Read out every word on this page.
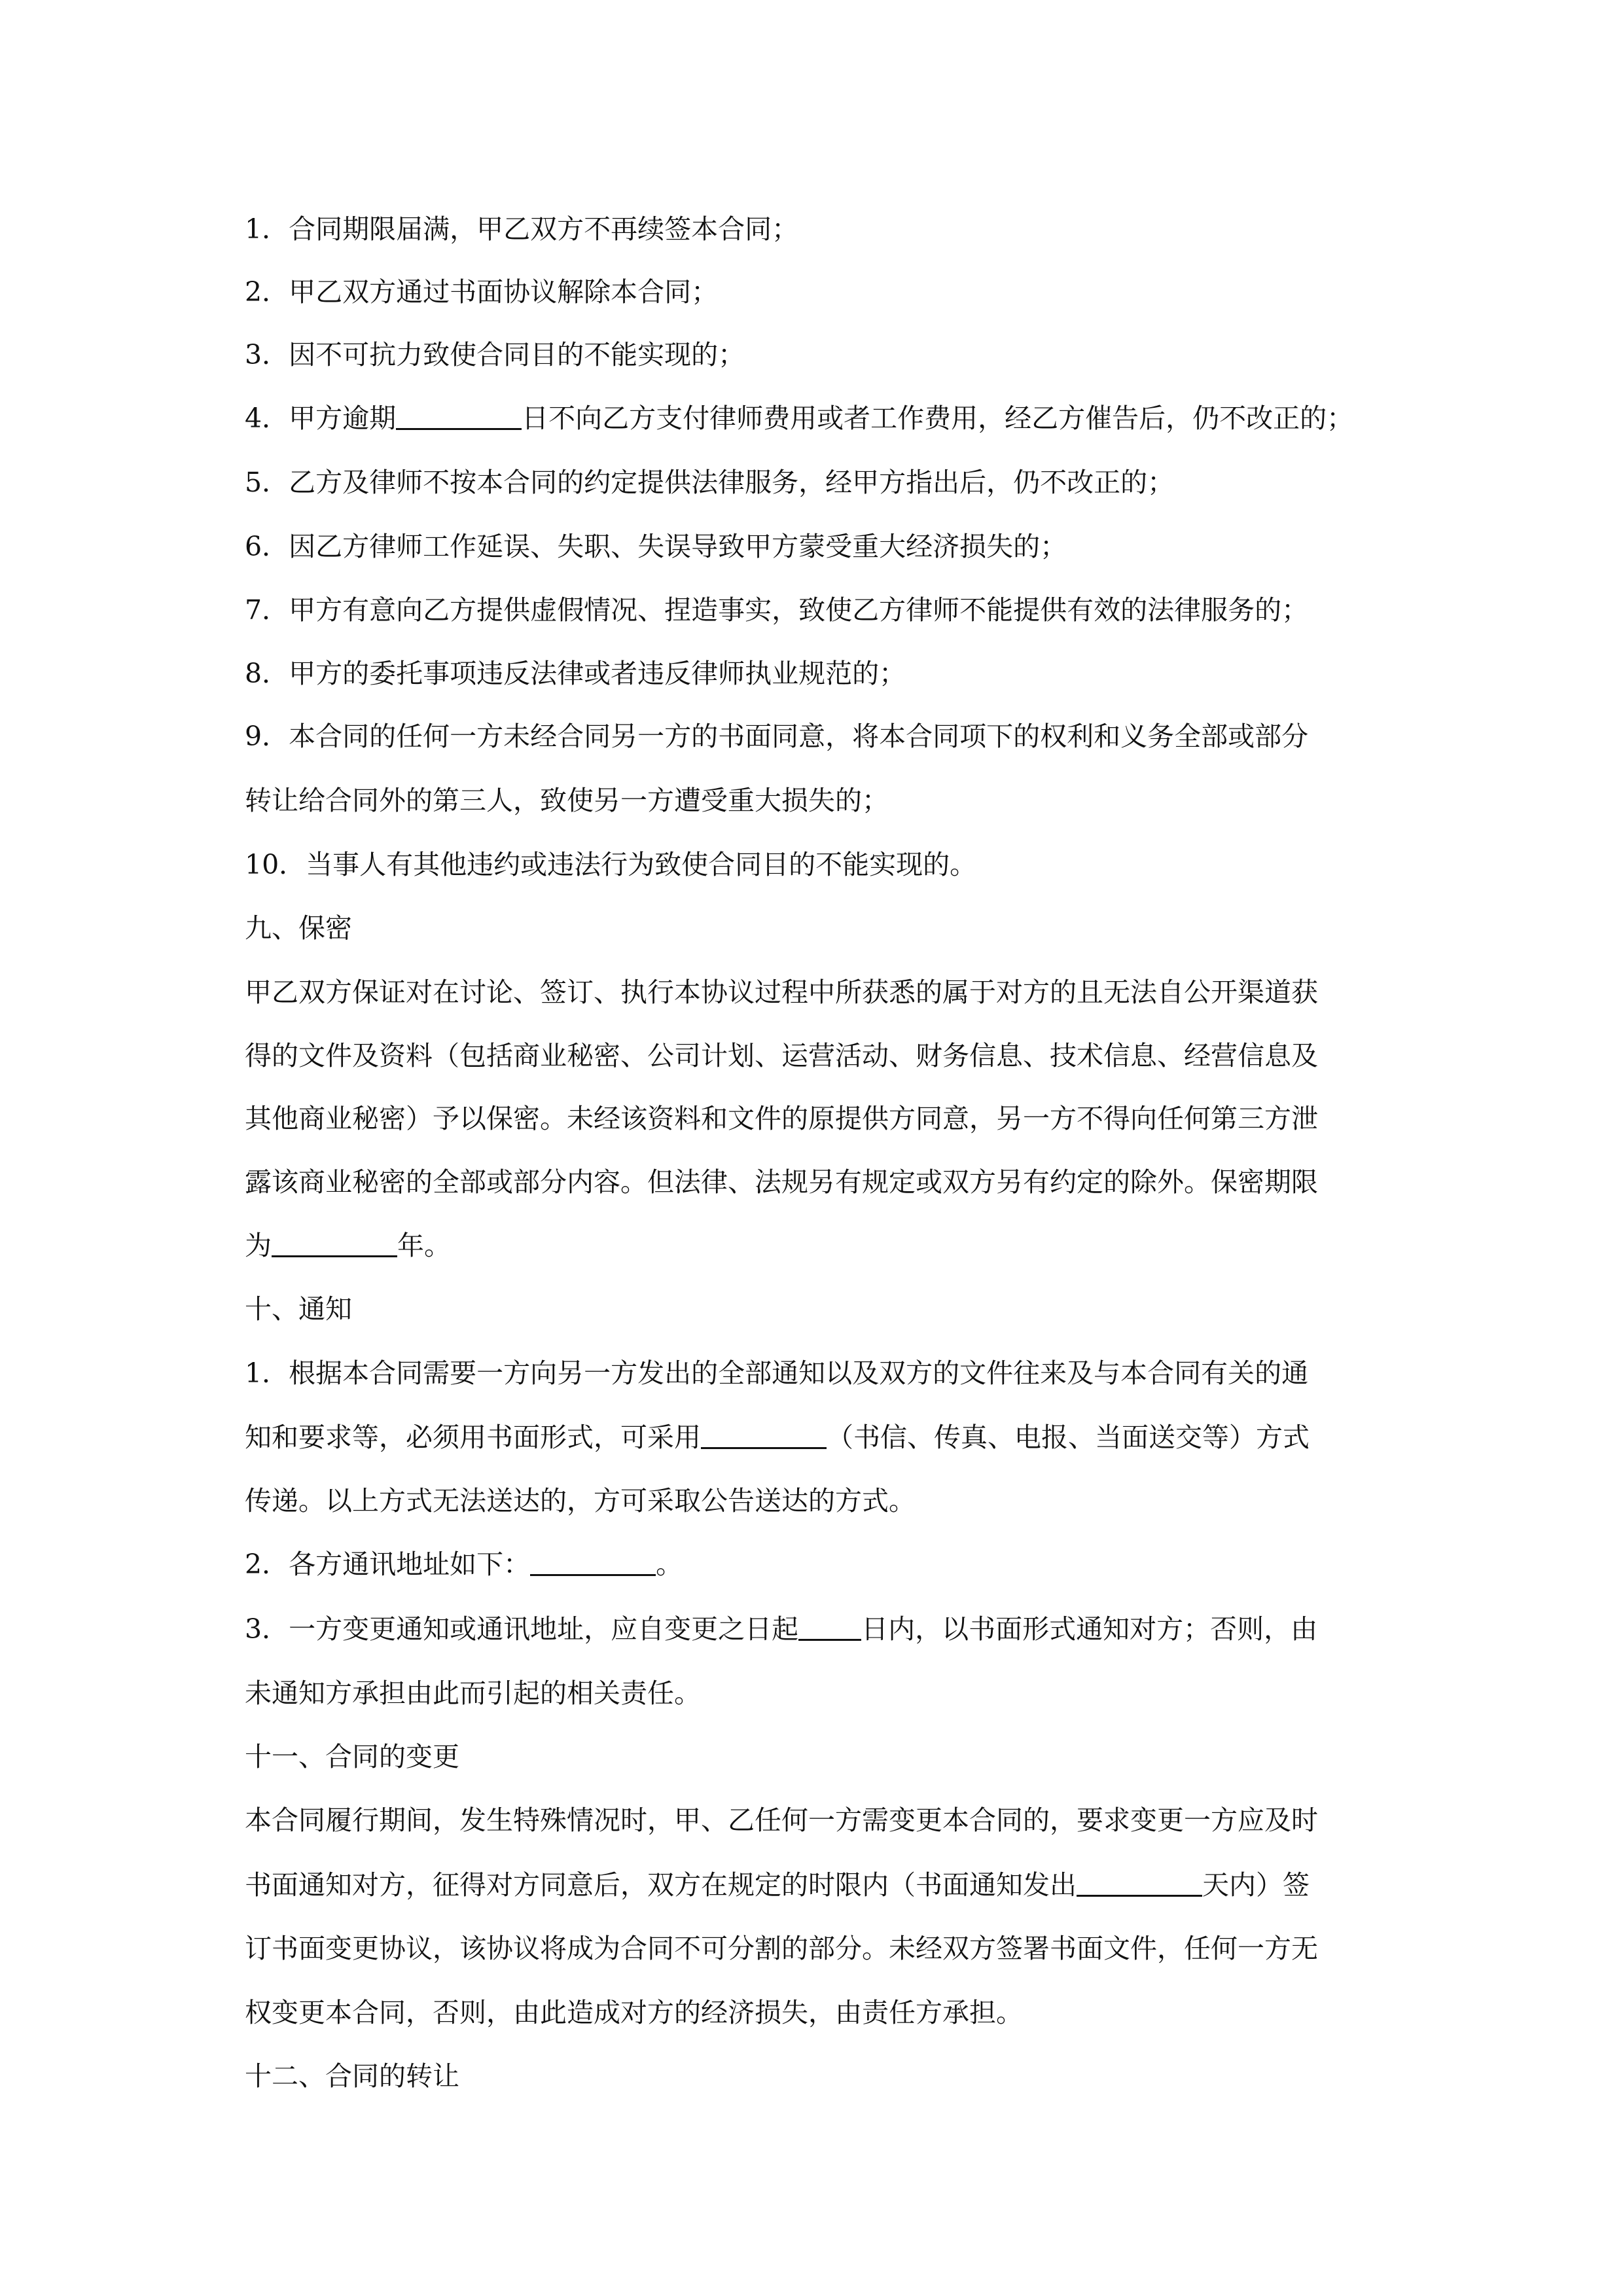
1．合同期限届满，甲乙双方不再续签本合同；
2．甲乙双方通过书面协议解除本合同；
3．因不可抗力致使合同目的不能实现的；
4．甲方逾期	日不向乙方支付律师费用或者工作费用，经乙方催告后，仍不改正的；
5．乙方及律师不按本合同的约定提供法律服务，经甲方指出后，仍不改正的；
6．因乙方律师工作延误、失职、失误导致甲方蒙受重大经济损失的；
7．甲方有意向乙方提供虚假情况、捏造事实，致使乙方律师不能提供有效的法律服务的；
8．甲方的委托事项违反法律或者违反律师执业规范的；
9．本合同的任何一方未经合同另一方的书面同意，将本合同项下的权利和义务全部或部分
转让给合同外的第三人，致使另一方遭受重大损失的；
10．当事人有其他违约或违法行为致使合同目的不能实现的。
九、保密
甲乙双方保证对在讨论、签订、执行本协议过程中所获悉的属于对方的且无法自公开渠道获
得的文件及资料（包括商业秘密、公司计划、运营活动、财务信息、技术信息、经营信息及
其他商业秘密）予以保密。未经该资料和文件的原提供方同意，另一方不得向任何第三方泄
露该商业秘密的全部或部分内容。但法律、法规另有规定或双方另有约定的除外。保密期限
为	年。
十、通知
1．根据本合同需要一方向另一方发出的全部通知以及双方的文件往来及与本合同有关的通
知和要求等，必须用书面形式，可采用	（书信、传真、电报、当面送交等）方式
传递。以上方式无法送达的，方可采取公告送达的方式。
2．各方通讯地址如下：	。
3．一方变更通知或通讯地址，应自变更之日起 日内，以书面形式通知对方；否则，由
未通知方承担由此而引起的相关责任。
十一、合同的变更
本合同履行期间，发生特殊情况时，甲、乙任何一方需变更本合同的，要求变更一方应及时
书面通知对方，征得对方同意后，双方在规定的时限内（书面通知发出	天内）签
订书面变更协议，该协议将成为合同不可分割的部分。未经双方签署书面文件，任何一方无
权变更本合同，否则，由此造成对方的经济损失，由责任方承担。
十二、合同的转让
